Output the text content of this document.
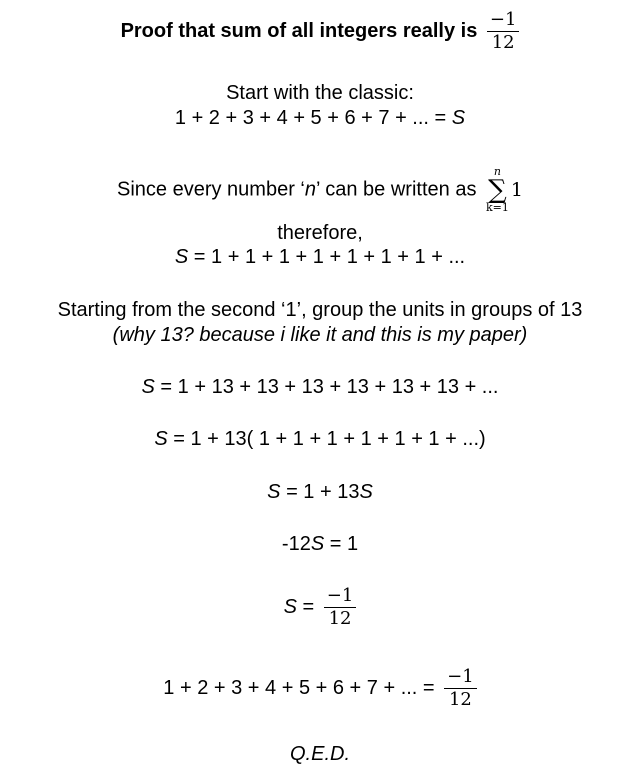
Proof that sum of all integers really is $\frac{-1}{12}$
Start with the classic:
1 + 2 + 3 + 4 + 5 + 6 + 7 + ... = S
Since every number ‘n’ can be written as
n
∑
k=1
1
therefore,
S = 1 + 1 + 1 + 1 + 1 + 1 + 1 + ...
Starting from the second ‘1’, group the units in groups of 13
(why 13? because i like it and this is my paper)
S = 1 + 13 + 13 + 13 + 13 + 13 + 13 + ...
S = 1 + 13( 1 + 1 + 1 + 1 + 1 + 1 + ...)
S = 1 + 13S
-12S = 1
$S = \frac{-1}{12}$
1 + 2 + 3 + 4 + 5 + 6 + 7 + ... = $\frac{-1}{12}$
Q.E.D.
